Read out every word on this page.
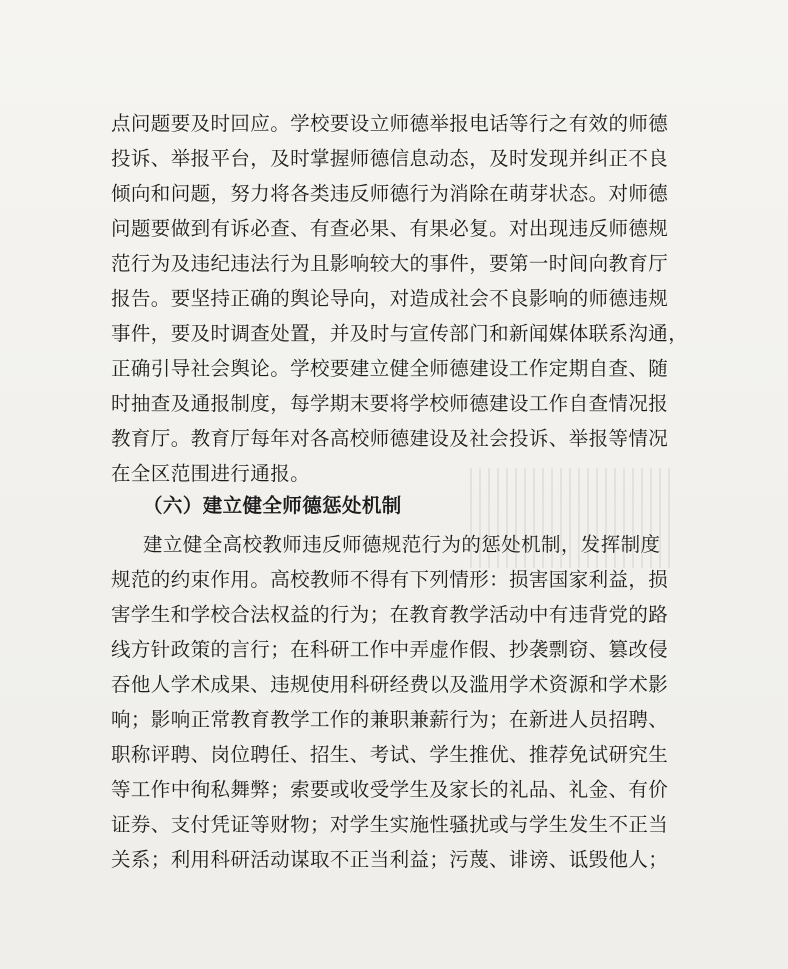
点问题要及时回应。学校要设立师德举报电话等行之有效的师德
投诉、举报平台，及时掌握师德信息动态，及时发现并纠正不良
倾向和问题，努力将各类违反师德行为消除在萌芽状态。对师德
问题要做到有诉必查、有查必果、有果必复。对出现违反师德规
范行为及违纪违法行为且影响较大的事件，要第一时间向教育厅
报告。要坚持正确的舆论导向，对造成社会不良影响的师德违规
事件，要及时调查处置，并及时与宣传部门和新闻媒体联系沟通，
正确引导社会舆论。学校要建立健全师德建设工作定期自查、随
时抽查及通报制度，每学期末要将学校师德建设工作自查情况报
教育厅。教育厅每年对各高校师德建设及社会投诉、举报等情况
在全区范围进行通报。
（六）建立健全师德惩处机制
建立健全高校教师违反师德规范行为的惩处机制，发挥制度
规范的约束作用。高校教师不得有下列情形：损害国家利益，损
害学生和学校合法权益的行为；在教育教学活动中有违背党的路
线方针政策的言行；在科研工作中弄虚作假、抄袭剽窃、篡改侵
吞他人学术成果、违规使用科研经费以及滥用学术资源和学术影
响；影响正常教育教学工作的兼职兼薪行为；在新进人员招聘、
职称评聘、岗位聘任、招生、考试、学生推优、推荐免试研究生
等工作中徇私舞弊；索要或收受学生及家长的礼品、礼金、有价
证券、支付凭证等财物；对学生实施性骚扰或与学生发生不正当
关系；利用科研活动谋取不正当利益；污蔑、诽谤、诋毁他人；
